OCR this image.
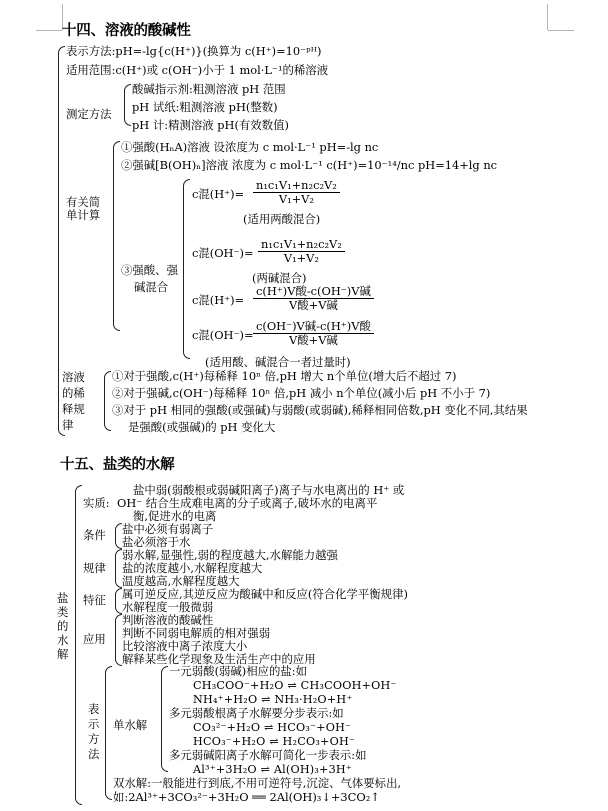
十四、溶液的酸碱性
表示方法:pH=-lg{c(H⁺)}(换算为 c(H⁺)=10⁻ᵖᴴ)
适用范围:c(H⁺)或 c(OH⁻)小于 1 mol·L⁻¹的稀溶液
测定方法
酸碱指示剂:粗测溶液 pH 范围
pH 试纸:粗测溶液 pH(整数)
pH 计:精测溶液 pH(有效数值)
有关简
单计算
①强酸(HₙA)溶液 设浓度为 c mol·L⁻¹ pH=-lg nc
②强碱[B(OH)ₙ]溶液 浓度为 c mol·L⁻¹ c(H⁺)=10⁻¹⁴/nc pH=14+lg nc
③强酸、强
碱混合
c混$(H^+)= \frac{\text{n₁c₁V₁+n₂c₂V₂}}{\text{V₁+V₂}}$
(适用两酸混合)
c混$(OH^-)= \frac{\text{n₁c₁V₁+n₂c₂V₂}}{\text{V₁+V₂}}$
(两碱混合)
c混(H⁺)=
c(H⁺)V酸-c(OH⁻)V碱
V酸+V碱
c混(OH⁻)=
c(OH⁻)V碱-c(H⁺)V酸
V酸+V碱
(适用酸、碱混合一者过量时)
溶液
的稀
释规
律
①对于强酸,c(H⁺)每稀释 10ⁿ 倍,pH 增大 n个单位(增大后不超过 7)
②对于强碱,c(OH⁻)每稀释 10ⁿ 倍,pH 减小 n个单位(减小后 pH 不小于 7)
③对于 pH 相同的强酸(或强碱)与弱酸(或弱碱),稀释相同倍数,pH 变化不同,其结果
是强酸(或强碱)的 pH 变化大
十五、盐类的水解
盐
类
的
水
解
盐中弱(弱酸根或弱碱阳离子)离子与水电离出的 H⁺ 或
实质: OH⁻ 结合生成难电离的分子或离子,破坏水的电离平
衡,促进水的电离
条件 盐中必须有弱离子
盐必须溶于水
规律
弱水解,显强性,弱的程度越大,水解能力越强
盐的浓度越小,水解程度越大
温度越高,水解程度越大
特征 属可逆反应,其逆反应为酸碱中和反应(符合化学平衡规律)
水解程度一般微弱
应用
判断溶液的酸碱性
判断不同弱电解质的相对强弱
比较溶液中离子浓度大小
解释某些化学现象及生活生产中的应用
表
示
方
法
单水解
一元弱酸(弱碱)相应的盐:如
CH₃COO⁻+H₂O ⇌ CH₃COOH+OH⁻
NH₄⁺+H₂O ⇌ NH₃·H₂O+H⁺
多元弱酸根离子水解要分步表示:如
CO₃²⁻+H₂O ⇌ HCO₃⁻+OH⁻
HCO₃⁻+H₂O ⇌ H₂CO₃+OH⁻
多元弱碱阳离子水解可简化一步表示:如
Al³⁺+3H₂O ⇌ Al(OH)₃+3H⁺
双水解:一般能进行到底,不用可逆符号,沉淀、气体要标出,
如:2Al³⁺+3CO₃²⁻+3H₂O ══ 2Al(OH)₃↓+3CO₂↑
